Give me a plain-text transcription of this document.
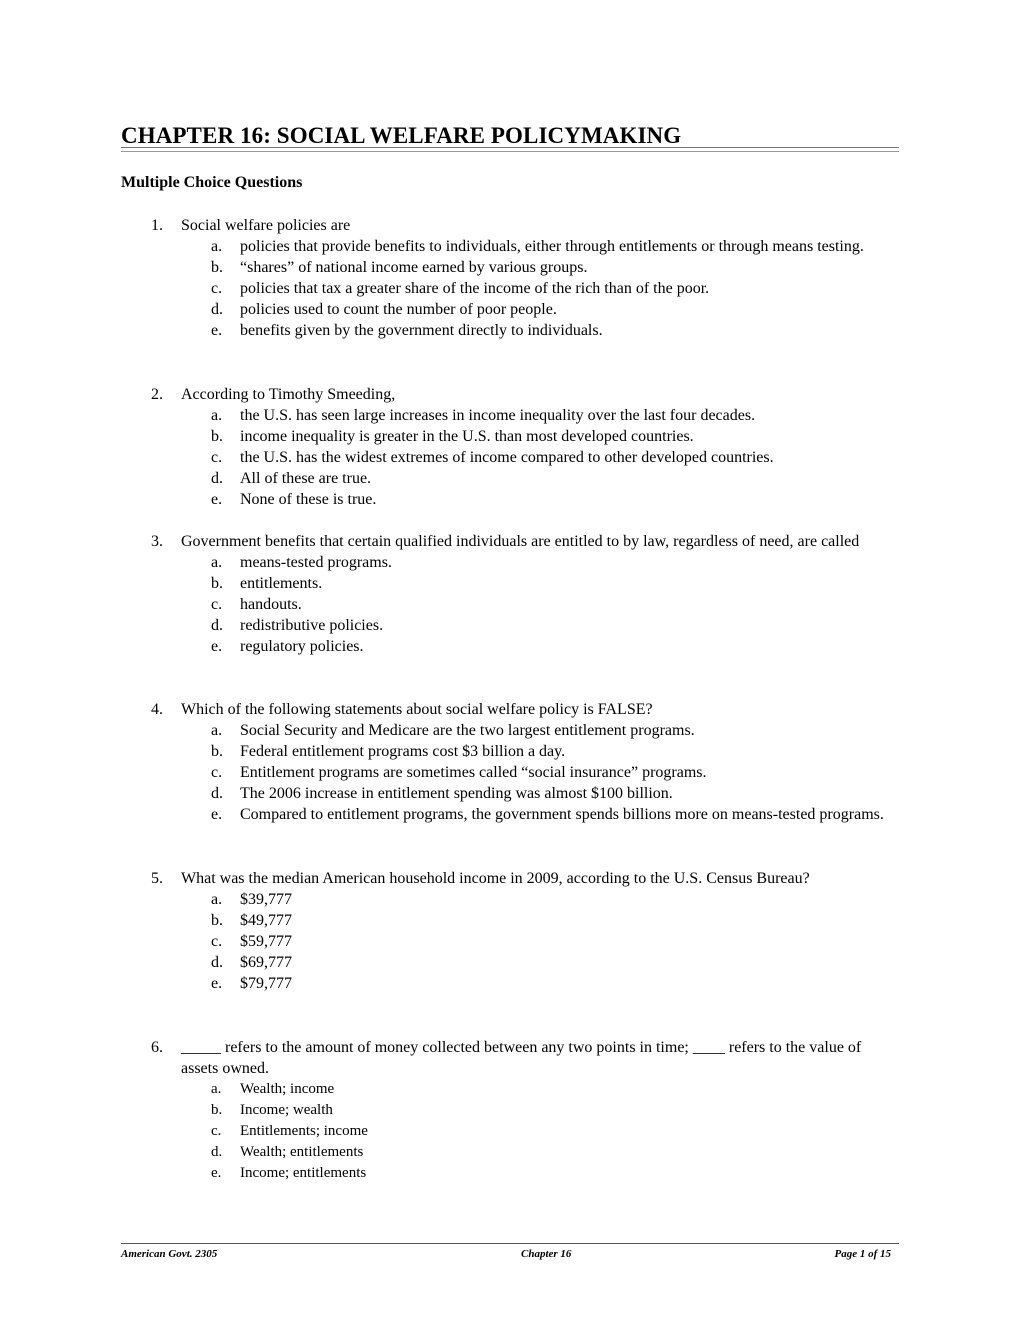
CHAPTER 16: SOCIAL WELFARE POLICYMAKING
Multiple Choice Questions
1. Social welfare policies are
a. policies that provide benefits to individuals, either through entitlements or through means testing.
b. “shares” of national income earned by various groups.
c. policies that tax a greater share of the income of the rich than of the poor.
d. policies used to count the number of poor people.
e. benefits given by the government directly to individuals.
2. According to Timothy Smeeding,
a. the U.S. has seen large increases in income inequality over the last four decades.
b. income inequality is greater in the U.S. than most developed countries.
c. the U.S. has the widest extremes of income compared to other developed countries.
d. All of these are true.
e. None of these is true.
3. Government benefits that certain qualified individuals are entitled to by law, regardless of need, are called
a. means-tested programs.
b. entitlements.
c. handouts.
d. redistributive policies.
e. regulatory policies.
4. Which of the following statements about social welfare policy is FALSE?
a. Social Security and Medicare are the two largest entitlement programs.
b. Federal entitlement programs cost $3 billion a day.
c. Entitlement programs are sometimes called “social insurance” programs.
d. The 2006 increase in entitlement spending was almost $100 billion.
e. Compared to entitlement programs, the government spends billions more on means-tested programs.
5. What was the median American household income in 2009, according to the U.S. Census Bureau?
a. $39,777
b. $49,777
c. $59,777
d. $69,777
e. $79,777
6. _____ refers to the amount of money collected between any two points in time; ____ refers to the value of assets owned.
a. Wealth; income
b. Income; wealth
c. Entitlements; income
d. Wealth; entitlements
e. Income; entitlements
American Govt. 2305	Chapter 16	Page 1 of 15
